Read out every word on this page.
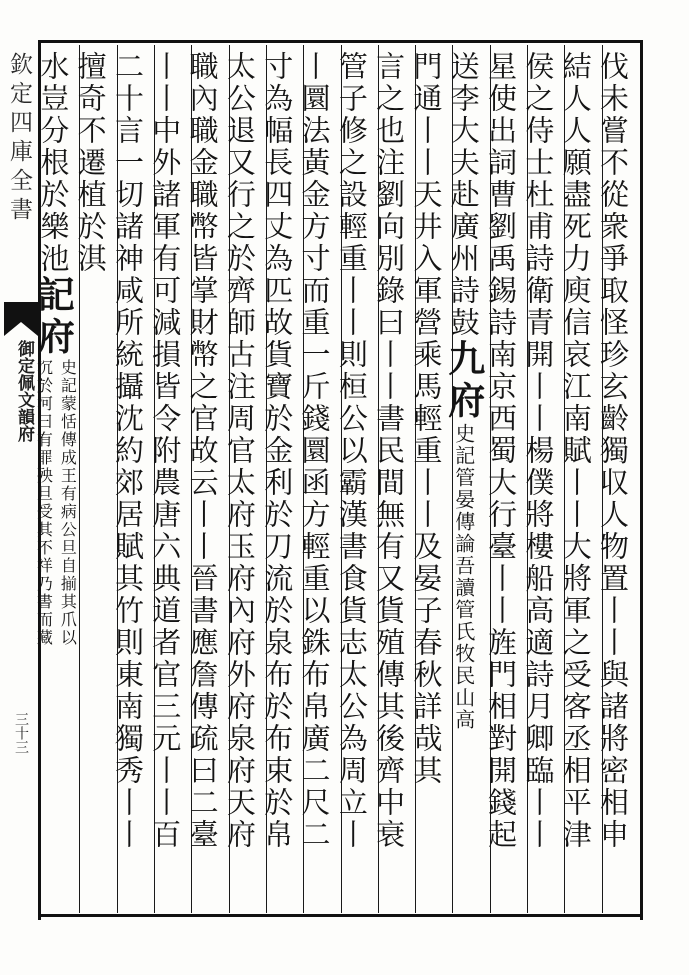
欽定四庫全書
御定佩文韻府
三十三	伐未嘗不從衆爭取怪珍玄齡獨収人物置丨丨與諸將密相申
結人人願盡死力庾信哀江南賦丨丨大將軍之受客丞相平津
侯之侍士杜甫詩衛青開丨丨楊僕將樓船高適詩月卿臨丨丨
星使出詞曹劉禹錫詩南京西蜀大行臺丨丨旌門相對開錢起
送李大夫赴廣州詩鼓九府史記管晏傳論吾讀管氏牧民山高
門通丨丨天井入軍營乘馬輕重丨丨及晏子春秋詳哉其
言之也注劉向別錄曰丨丨書民間無有又貨殖傳其後齊中衰
管子修之設輕重丨丨則桓公以霸漢書食貨志太公為周立丨
丨圜法黃金方寸而重一斤錢圜函方輕重以銖布帛廣二尺二
寸為幅長四丈為匹故貨寶於金利於刀流於泉布於布束於帛
太公退又行之於齊師古注周官太府玉府內府外府泉府天府
職內職金職幣皆掌財幣之官故云丨丨晉書應詹傳疏曰二臺
丨丨中外諸軍有可減損皆令附農唐六典道者官三元丨丨百
二十言一切諸神咸所統攝沈約郊居賦其竹則東南獨秀丨丨
擅奇不遷植於淇
水豈分根於樂池記府史記蒙恬傳成王有病公旦自揃其爪以
沉於河曰有罪殃旦受其不祥乃書而藏
